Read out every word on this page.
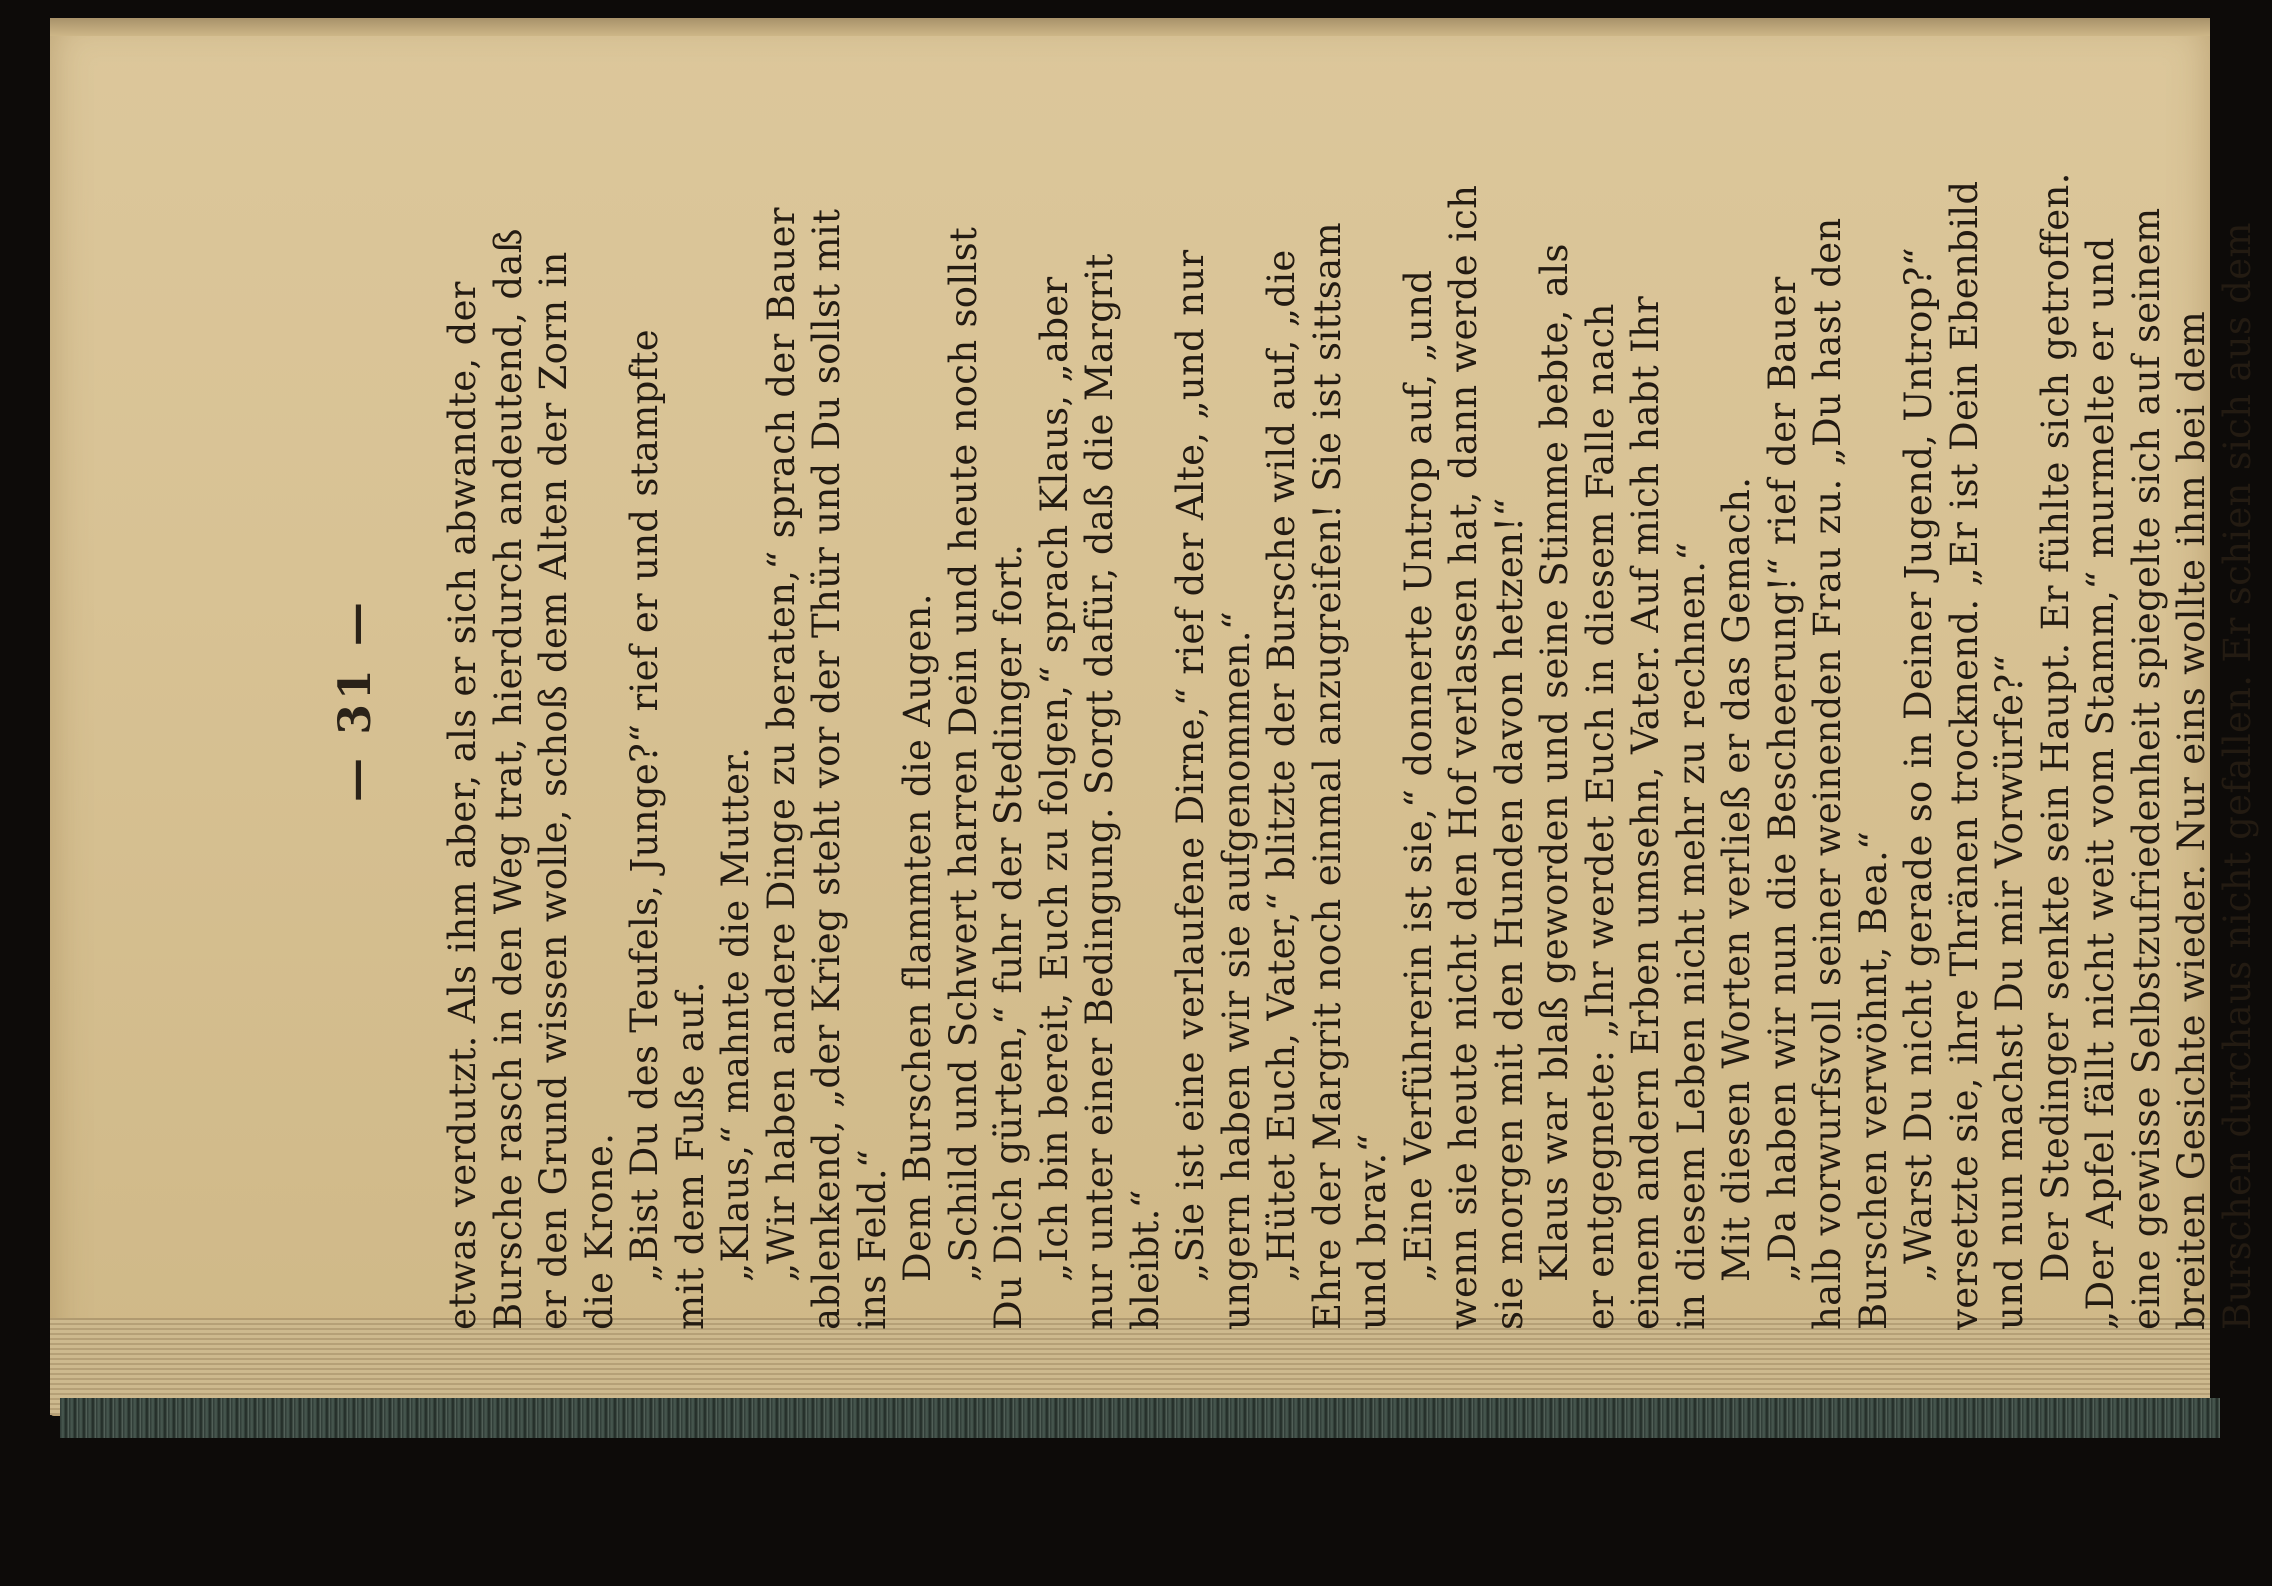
— 31 — etwas verdutzt. Als ihm aber, als er sich abwandte, der Bursche rasch in den Weg trat, hierdurch andeutend, daß er den Grund wissen wolle, schoß dem Alten der Zorn in die Krone. „Bist Du des Teufels, Junge?“ rief er und stampfte mit dem Fuße auf. „Klaus,“ mahnte die Mutter. „Wir haben andere Dinge zu beraten,“ sprach der Bauer ablenkend, „der Krieg steht vor der Thür und Du sollst mit ins Feld.“ Dem Burschen flammten die Augen. „Schild und Schwert harren Dein und heute noch sollst Du Dich gürten,“ fuhr der Stedinger fort. „Ich bin bereit, Euch zu folgen,“ sprach Klaus, „aber nur unter einer Bedingung. Sorgt dafür, daß die Margrit bleibt.“ „Sie ist eine verlaufene Dirne,“ rief der Alte, „und nur ungern haben wir sie aufgenommen.“ „Hütet Euch, Vater,“ blitzte der Bursche wild auf, „die Ehre der Margrit noch einmal anzugreifen! Sie ist sittsam und brav.“ „Eine Verführerin ist sie,“ donnerte Untrop auf, „und wenn sie heute nicht den Hof verlassen hat, dann werde ich sie morgen mit den Hunden davon hetzen!“ Klaus war blaß geworden und seine Stimme bebte, als er entgegnete: „Ihr werdet Euch in diesem Falle nach einem andern Erben umsehn, Vater. Auf mich habt Ihr in diesem Leben nicht mehr zu rechnen.“ Mit diesen Worten verließ er das Gemach. „Da haben wir nun die Bescheerung!“ rief der Bauer halb vorwurfsvoll seiner weinenden Frau zu. „Du hast den Burschen verwöhnt, Bea.“ „Warst Du nicht gerade so in Deiner Jugend, Untrop?“ versetzte sie, ihre Thränen trocknend. „Er ist Dein Ebenbild und nun machst Du mir Vorwürfe?“ Der Stedinger senkte sein Haupt. Er fühlte sich getroffen. „Der Apfel fällt nicht weit vom Stamm,“ murmelte er und eine gewisse Selbstzufriedenheit spiegelte sich auf seinem breiten Gesichte wieder. Nur eins wollte ihm bei dem Burschen durchaus nicht gefallen. Er schien sich aus dem
